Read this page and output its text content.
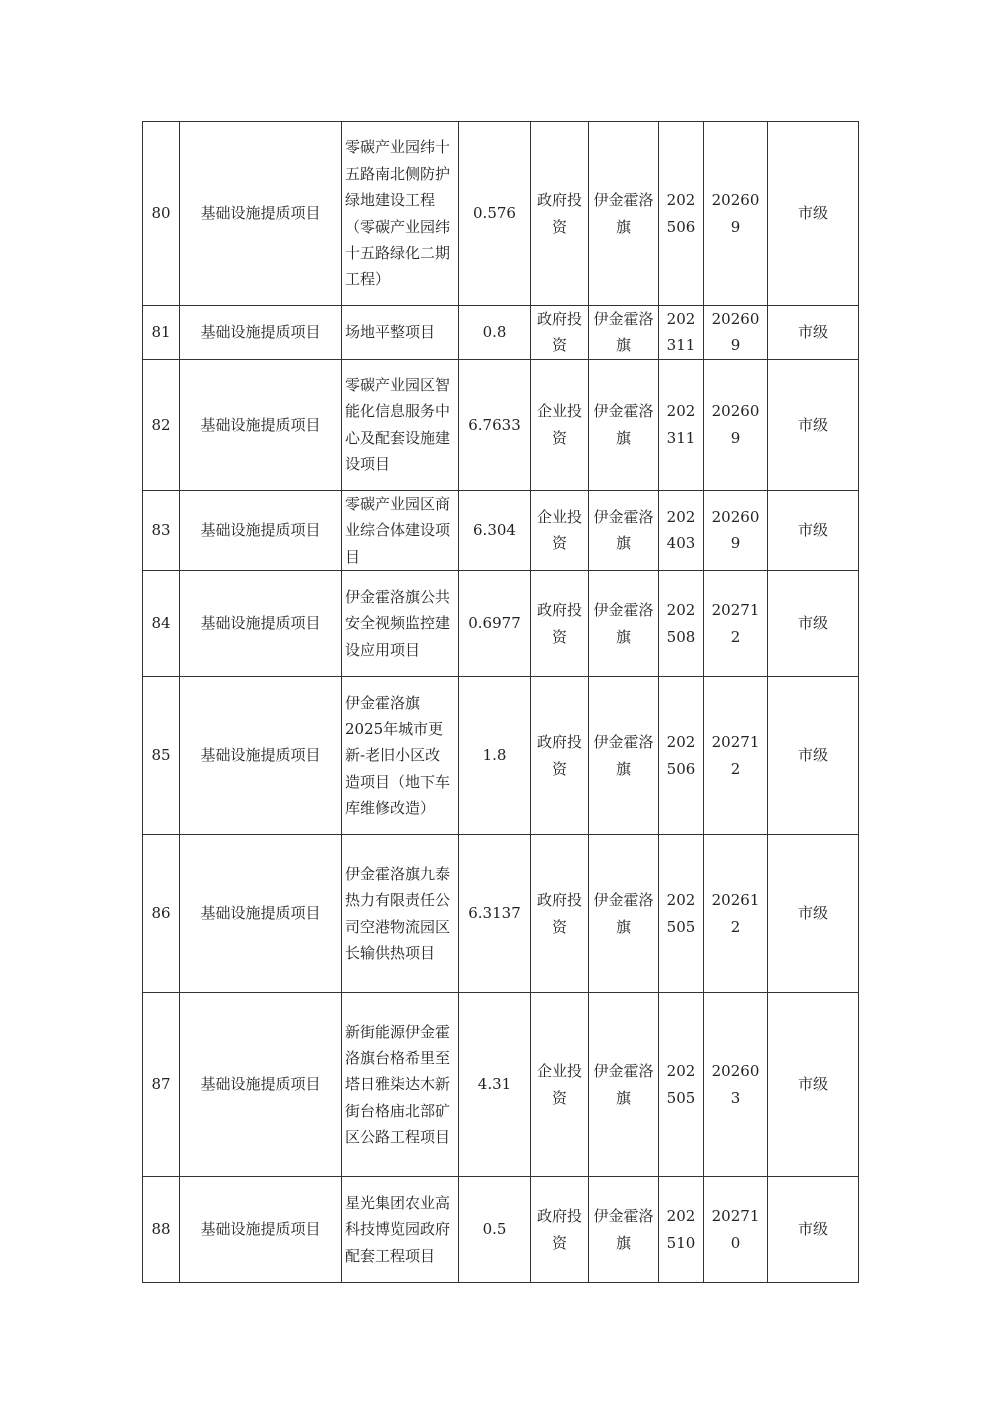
80	基础设施提质项目	零碳产业园纬十五路南北侧防护绿地建设工程（零碳产业园纬十五路绿化二期工程）	0.576	政府投资	伊金霍洛旗	202506	202609	市级
81	基础设施提质项目	场地平整项目	0.8	政府投资	伊金霍洛旗	202311	202609	市级
82	基础设施提质项目	零碳产业园区智能化信息服务中心及配套设施建设项目	6.7633	企业投资	伊金霍洛旗	202311	202609	市级
83	基础设施提质项目	零碳产业园区商业综合体建设项目	6.304	企业投资	伊金霍洛旗	202403	202609	市级
84	基础设施提质项目	伊金霍洛旗公共安全视频监控建设应用项目	0.6977	政府投资	伊金霍洛旗	202508	202712	市级
85	基础设施提质项目	伊金霍洛旗2025年城市更新-老旧小区改造项目（地下车库维修改造）	1.8	政府投资	伊金霍洛旗	202506	202712	市级
86	基础设施提质项目	伊金霍洛旗九泰热力有限责任公司空港物流园区长输供热项目	6.3137	政府投资	伊金霍洛旗	202505	202612	市级
87	基础设施提质项目	新街能源伊金霍洛旗台格希里至塔日雅柒达木新街台格庙北部矿区公路工程项目	4.31	企业投资	伊金霍洛旗	202505	202603	市级
88	基础设施提质项目	星光集团农业高科技博览园政府配套工程项目	0.5	政府投资	伊金霍洛旗	202510	202710	市级
